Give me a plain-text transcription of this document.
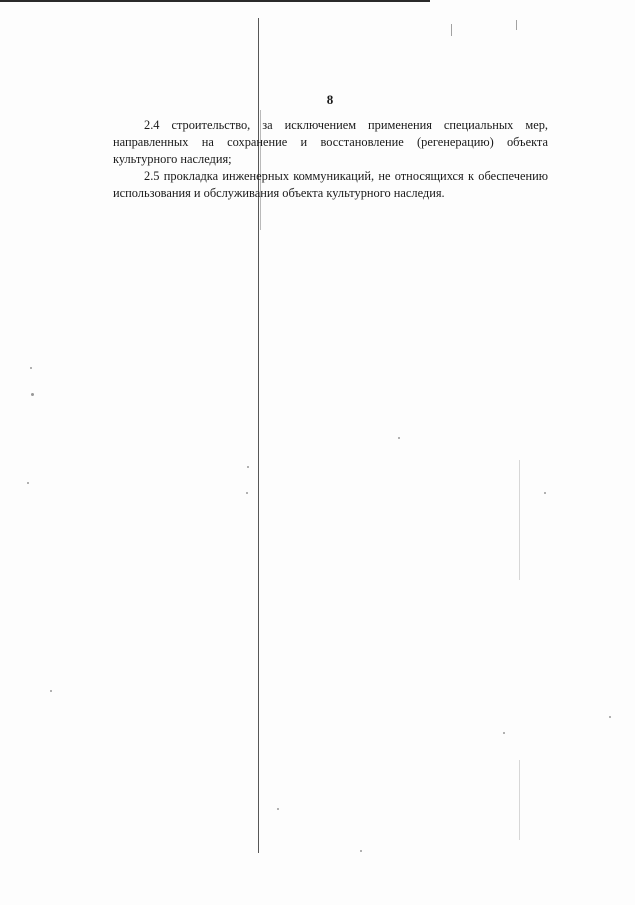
8

2.4 строительство, за исключением применения специальных мер, направленных на сохранение и восстановление (регенерацию) объекта культурного наследия;

2.5 прокладка инженерных коммуникаций, не относящихся к обеспечению использования и обслуживания объекта культурного наследия.
